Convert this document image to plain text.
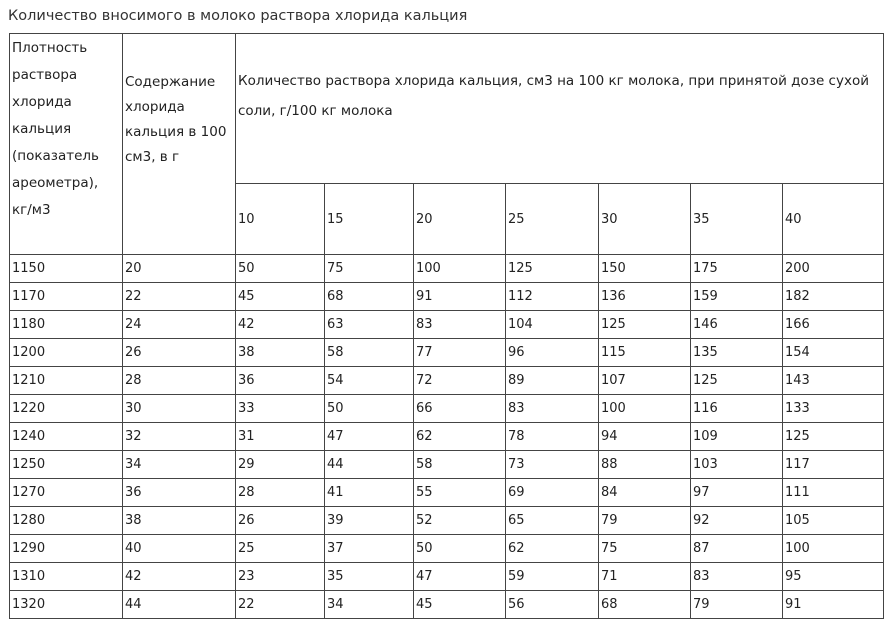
Количество вносимого в молоко раствора хлорида кальция
Плотность раствора хлорида кальция (показатель ареометра), кг/м3	Содержание хлорида кальция в 100 см3, в г	Количество раствора хлорида кальция, см3 на 100 кг молока, при принятой дозе сухой соли, г/100 кг молока						
		10	15	20	25	30	35	40
1150	20	50	75	100	125	150	175	200
1170	22	45	68	91	112	136	159	182
1180	24	42	63	83	104	125	146	166
1200	26	38	58	77	96	115	135	154
1210	28	36	54	72	89	107	125	143
1220	30	33	50	66	83	100	116	133
1240	32	31	47	62	78	94	109	125
1250	34	29	44	58	73	88	103	117
1270	36	28	41	55	69	84	97	111
1280	38	26	39	52	65	79	92	105
1290	40	25	37	50	62	75	87	100
1310	42	23	35	47	59	71	83	95
1320	44	22	34	45	56	68	79	91
